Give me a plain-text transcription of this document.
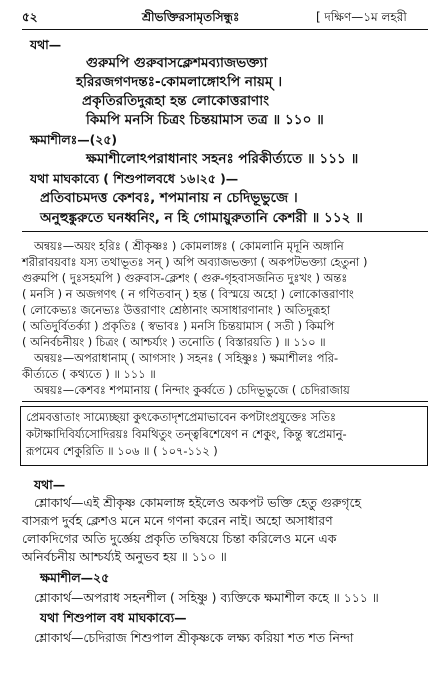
৫২	শ্রীভক্তিরসামৃতসিন্ধুঃ	[ দক্ষিণ—১ম লহরী
যথা—
গুরুমপি গুরুবাসক্লেশমব্যাজভক্ত্যা
হরিরজগণদন্তঃ-কোমলাঙ্গোঽপি নায়ম্‌ ।
প্রকৃতিরতিদুরূহা হন্ত লোকোত্তরাণাং
কিমপি মনসি চিত্রং চিন্তয়ামাস তত্র ॥ ১১০ ॥
ক্ষমাশীলঃ—(২৫)
ক্ষমাশীলোঽপরাধানাং সহনঃ পরিকীর্ত্যতে ॥ ১১১ ॥
যথা মাঘকাব্যে ( শিশুপালবধে ১৬।২৫ )—
প্রতিবাচমদত্ত কেশবঃ, শপমানায় ন চেদিভূভুজে ।
অনুহুঙ্কুরুতে ঘনধ্বনিং, ন হি গোমায়ুরুতানি কেশরী ॥ ১১২ ॥
অন্বয়ঃ—অয়ং হরিঃ ( শ্রীকৃষ্ণঃ ) কোমলাঙ্গঃ ( কোমলানি মৃদূনি অঙ্গানি
শরীরাবয়বাঃ যস্য তথাভূতঃ সন্‌ ) অপি অব্যাজভক্ত্যা ( অকপটভক্ত্যা হেতুনা )
গুরুমপি ( দুঃসহমপি ) গুরুবাস-ক্লেশং ( গুরু-গৃহবাসজনিত দুঃখং ) অন্তঃ
( মনসি ) ন অজগণৎ ( ন গণিতবান্‌ ) হন্ত ( বিস্ময়ে অহো ) লোকোত্তরাণাং
( লোকেভ্যঃ জনেভ্যঃ উত্তরাণাং শ্রেষ্ঠানাং অসাধারণানাং ) অতিদুরূহা
( অতিদুর্বিতর্ক্যা ) প্রকৃতিঃ ( স্বভাবঃ ) মনসি চিন্তয়ামাস ( সতী ) কিমপি
( অনির্বচনীয়ং ) চিত্রং ( আশ্চর্য্যং ) তনোতি ( বিস্তারয়তি ) ॥ ১১০ ॥
অন্বয়ঃ—অপরাধানাম্‌ ( আগসাং ) সহনঃ ( সহিষ্ণুঃ ) ক্ষমাশীলঃ পরি-
কীর্ত্যতে ( কথ্যতে ) ॥ ১১১ ॥
অন্বয়ঃ—কেশবঃ শপমানায় ( নিন্দাং কুর্ব্বতে ) চেদিভূভুজে ( চেদিরাজায়
প্রেমবত্তাতাং সাম্যেচ্ছয়া কুৎকেতাদৃশপ্রেমাভাবেন কপটাংপ্রযুক্তেঃ সতিঃ
কটাক্ষাদিবির্য্যসোদিরয়ঃ বিমথিতুং তন্ত্বৰিশেষেণ ন শেকুং, কিন্তু স্বপ্রেমানু-
রূপমেব শেকুরিতি ॥ ১০৬ ॥ ( ১০৭-১১২ )
যথা—
শ্লোকার্থ—এই শ্রীকৃষ্ণ কোমলাঙ্গ হইলেও অকপট ভক্তি হেতু গুরুগৃহে
বাসরূপ দুর্বহ ক্লেশও মনে মনে গণনা করেন নাই। অহো অসাধারণ
লোকদিগের অতি দুর্জ্ঞেয় প্রকৃতি তদ্বিষয়ে চিন্তা করিলেও মনে এক
অনির্বচনীয় আশ্চর্য্যই অনুভব হয় ॥ ১১০ ॥
ক্ষমাশীল—২৫
শ্লোকার্থ—অপরাধ সহনশীল ( সহিষ্ণু ) ব্যক্তিকে ক্ষমাশীল কহে ॥ ১১১ ॥
যথা শিশুপাল বধ মাঘকাব্যে—
শ্লোকার্থ—চেদিরাজ শিশুপাল শ্রীকৃষ্ণকে লক্ষ্য করিয়া শত শত নিন্দা
